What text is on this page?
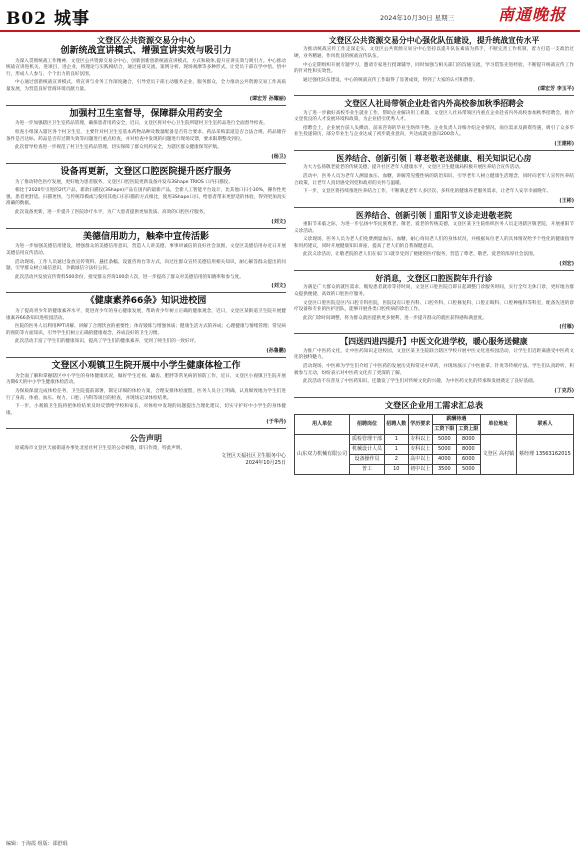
B02 城事	2024年10月30日 星期三	南通晚报
文登区公共资源交易分中心
创新统战宣讲模式、增强宣讲实效与吸引力

为深入贯彻统战工作精神，文登区公共资源交易分中心，创新创新创新统战宣讲模式，方式和载体,提升宣讲实效与吸引力。中心推动统战宣讲进机关、进项目、进企业，将理论与实践相结合，通过座谈交流、案例分析、现场观摩等多种形式，让党员干部在学中悟、悟中行，形成人人参与、个个出力的良好氛围。

中心通过创新统战宣讲模式，将宣讲与业务工作深度融合，引导党员干部主动服务企业、服务群众，全力推动公共资源交易工作高质量发展，为营造良好营商环境贡献力量。

(谭宏芳 孙耀丽)
加强村卫生室督导，保障群众用药安全

为进一步加强辖区卫生室药品管理，确保患者用药安全，近日，文登区将对中心卫生院所辖村卫生室药品进行全面督导检查。

检查小组深入辖区各个村卫生室，主要针对村卫生室基本药物品种及数量配备是否符合要求、药品采购渠道是否合法合规、药品储存条件是否达标、药品是否有过期失效等问题进行重点检查，并对检查中发现的问题进行现场反馈，要求限期整改到位。

此次督导检查进一步规范了村卫生室药品管理，切实保障了群众用药安全，为辖区群众健康保驾护航。

(杨卫)
设备再更新，文登区口腔医院提升医疗服务

为了推动特色医疗发展，更好地为患者服务，文登区口腔医院更新设备并发布3Shape TRIOS 口内扫描仪。

相比于2020年引进的2代产品，新款扫描仪(3Shape)产品在国内的最新产品，全新人工智能平台设计，比其他口扫小30%，操作性更强，患者更舒适。扫描更快，与传统印模或与使用其他口扫扫描的方式相比，使用3Shape口扫，给患者带来更舒适的体验，得到更加真实准确的数据。

此次设备更新，进一步提升了医院诊疗水平，为广大患者提供更加优质、高效的口腔医疗服务。

(刘文)
美德信用助力，触牵中宣传活影

为进一步加强美德信用建设，增强群众的美德信用意识，营造人人讲美德、事事讲诚信的良好社会氛围，文登区美德信用办近日开展美德信用宣传活动。

活动现场，工作人员通过发放宣传资料、悬挂条幅、设置咨询台等方式，向过往群众宣传美德信用相关知识，耐心解答群众提出的问题，引导群众树立诚信意识，争做诚信守法好公民。

此次活动共发放宣传资料500余份，接受群众咨询100余人次，进一步提高了群众对美德信用的知晓率和参与度。

(刘文)
《健康素养66条》知识进校园

为了提高青少年的健康素养水平，促进青少年的身心健康发展，帮助青少年树立正确的健康观念，近日，文登区某街道卫生院开展健康素养66条知识进校园活动。

医院的医务人员利用PPT讲解、讲解了合理饮食的重要性；体育锻炼与增强体质；健康生活方式的养成；心理健康与情绪管理；常见病的预防等方面知识，引导学生们树立正确的健康观念，养成良好的卫生习惯。

此次活动丰富了学生们的健康知识，提高了学生们的健康素养，受到了师生们的一致好评。

(孙鲁鹏)
文登区小观镇卫生院开展中小学生健康体检工作

为全面了解和掌握辖区中小学生的身体健康状况，做好学生近视、龋齿、肥胖等常见病的预防工作，近日，文登区小观镇卫生院开展为期6天的中小学生健康体检活动。

为保质保量完成体检任务，卫生院提前部署，制定详细的体检方案，合理安排体检流程，医务人员分工明确，认真细致地为学生们进行了身高、体重、血压、视力、口腔、内科等项目的检查，并现场记录体检结果。

下一步，小观镇卫生院将把体检结果及时反馈给学校和家长，对体检中发现的问题提出合理化建议，切实守护好中小学生的身体健康。

(于华丹)
公告声明

原威海市文登区天福街道办事处北星社村卫生室的公章被收，即日作废，特此声明。

文登区天福社区卫生服务中心
2024年10月25日
文登区公共资源交易分中心强化队伍建设，提升统战宣传水平

为推动统战宣传工作走深走实，文登区公共资源交易分中心坚持以提升队伍素质为抓手，不断完善工作机制，着力打造一支政治过硬、业务精通、作风优良的统战宣传队伍。

中心定期组织开展专题学习，邀请专家进行授课辅导，同时加强与相关部门的沟通交流，学习借鉴先进经验，不断提升统战宣传工作的针对性和实效性。

通过强化队伍建设，中心的统战宣传工作取得了显著成效，得到了大家的认可和赞誉。

(谭宏芳 李玉平)
文登区人社局带领企业赴省内外高校参加秋季招聘会

为了进一步做好高校毕业生就业工作，帮助企业解决用工难题，文登区人社局带领区内重点企业赴省内外高校参加秋季招聘会，推介文登优良的人才发展环境和政策，为企业招引优秀人才。

招聘会上，企业展台前人头攒动，前来咨询的毕业生络绎不绝。企业负责人详细介绍企业情况、岗位需求及薪资待遇，吸引了众多毕业生投递简历，部分毕业生与企业达成了初步就业意向，共达成就业意向200余人。

(王建彬)
医养结合、创新引领｜尊老敬老送健康、相关知识记心房

为大力弘扬敬老爱老的传统美德，提升社区老年人健康水平，文登区卫生健康局积极开展医养结合宣传活动。

活动中，医务人员为老年人测量血压、血糖，讲解常见慢性病的防治知识，引导老年人树立健康生活理念，同时向老年人宣传医养结合政策，让老年人真切感受到党和政府的关怀与温暖。

下一步，文登区将持续推进医养结合工作，不断满足老年人多层次、多样化的健康养老服务需求，让老年人安享幸福晚年。

(王彬)
医养结合、创新引领｜重阳节义诊走进敬老院

重阳节来临之际，为进一步弘扬中华民族尊老、敬老、爱老的传统美德，文登区某卫生院组织医务人员走进辖区敬老院，开展重阳节义诊活动。

义诊现场，医务人员为老人们免费测量血压、血糖，耐心询问老人们的身体状况，并根据每位老人的具体情况给予个性化的健康指导和用药建议，同时开展健康知识讲座，提高了老人们的自我保健意识。

此次义诊活动，让敬老院的老人们在家门口就享受到了便捷的医疗服务，营造了尊老、敬老、爱老的浓厚社会氛围。

(刘宏)
好消息，文登区口腔医院年升行诊

为满足广大群众的就医需求，缩短患者就诊等待时间，文登区口腔医院自即日起调整门诊服务时间，实行全年无休门诊，更好地为群众提供便捷、高效的口腔医疗服务。

文登区口腔医院是区内口腔专科医院，医院设有口腔内科、口腔外科、口腔修复科、口腔正畸科、口腔种植科等科室，配备先进的诊疗设备和专业的医护团队，能够开展各类口腔疾病的诊治工作。

此次门诊时间调整，将为群众就医提供更多便利，进一步提升群众的就医获得感和满意度。

(付雁)
【四送四进四提升】中医文化进学校，暖心服务送健康

为推广中医药文化，让中医药知识走进校园，文登区某卫生院联合辖区学校开展中医文化进校园活动，让学生们近距离感受中医药文化的独特魅力。

活动现场，中医师为学生们介绍了中医药的发展历史和常见中草药，并现场演示了中医推拿、针灸等传统疗法。学生们认真聆听，积极参与互动，纷纷表示对中医药文化有了更深的了解。

此次活动不仅普及了中医药知识，还激发了学生们对传统文化的兴趣，为中医药文化的传承和发展奠定了良好基础。

(丁克苏)
文登区企业用工需求汇总表
用人单位	招聘岗位	招聘人数	学历要求	薪酬待遇		单位地址	联系人
				工资下限	工资上限		
山东双力机械有限公司	质检管理干部	1	专科以上	5000	8000	文登区 高村镇	蔡经理 13563162015
	机械设计人员	1	专科以上	5000	8000		
	设备操作员	2	高中以上	4000	6000		
	普工	10	初中以上	3500	5000		
编辑：于海霞 组版：邵舒琨
